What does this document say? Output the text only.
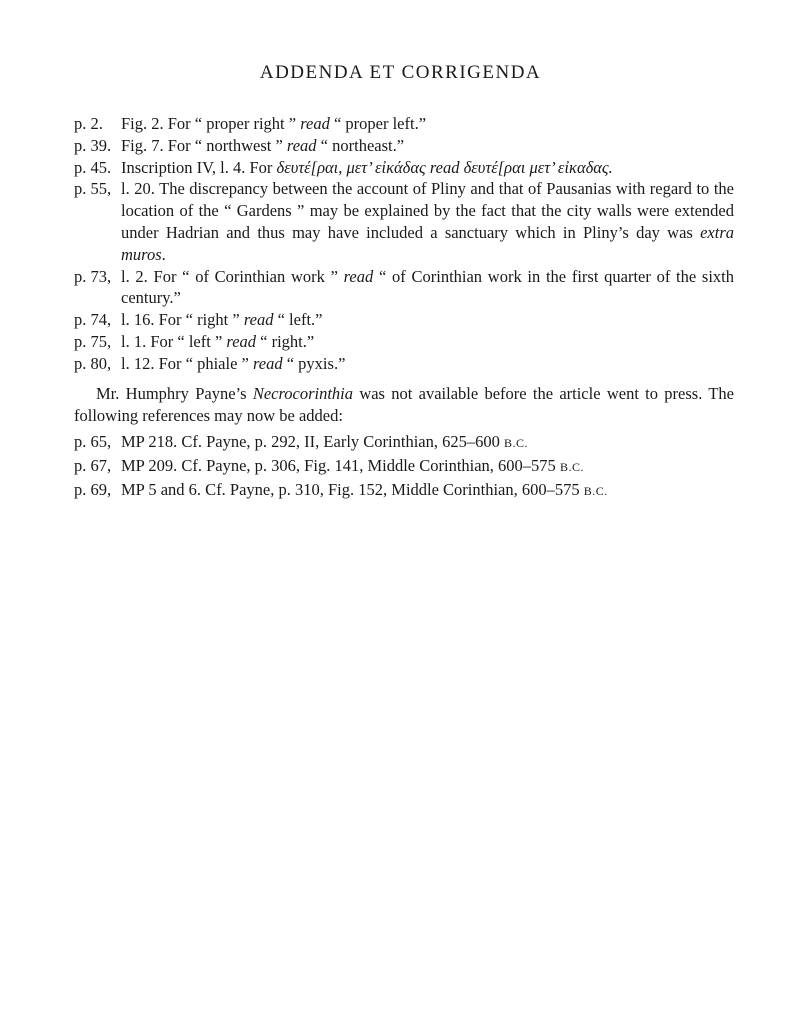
ADDENDA ET CORRIGENDA
p. 2.	Fig. 2. For “ proper right ” read “ proper left.”
p. 39. Fig. 7. For “ northwest ” read “ northeast.”
p. 45. Inscription IV, l. 4. For δευτέ[ραι, μετ’ εἰκάδας read δευτέ[ραι μετ’ εἰκαδας.
p. 55, l. 20. The discrepancy between the account of Pliny and that of Pausanias with regard to the location of the “ Gardens ” may be explained by the fact that the city walls were extended under Hadrian and thus may have included a sanctuary which in Pliny’s day was extra muros.
p. 73, l. 2. For “ of Corinthian work ” read “ of Corinthian work in the first quarter of the sixth century.”
p. 74, l. 16. For “ right ” read “ left.”
p. 75, l. 1. For “ left ” read “ right.”
p. 80, l. 12. For “ phiale ” read “ pyxis.”

Mr. Humphry Payne’s Necrocorinthia was not available before the article went to press. The following references may now be added:

p. 65, MP 218. Cf. Payne, p. 292, II, Early Corinthian, 625–600 B.C.
p. 67, MP 209. Cf. Payne, p. 306, Fig. 141, Middle Corinthian, 600–575 B.C.
p. 69, MP 5 and 6. Cf. Payne, p. 310, Fig. 152, Middle Corinthian, 600–575 B.C.
